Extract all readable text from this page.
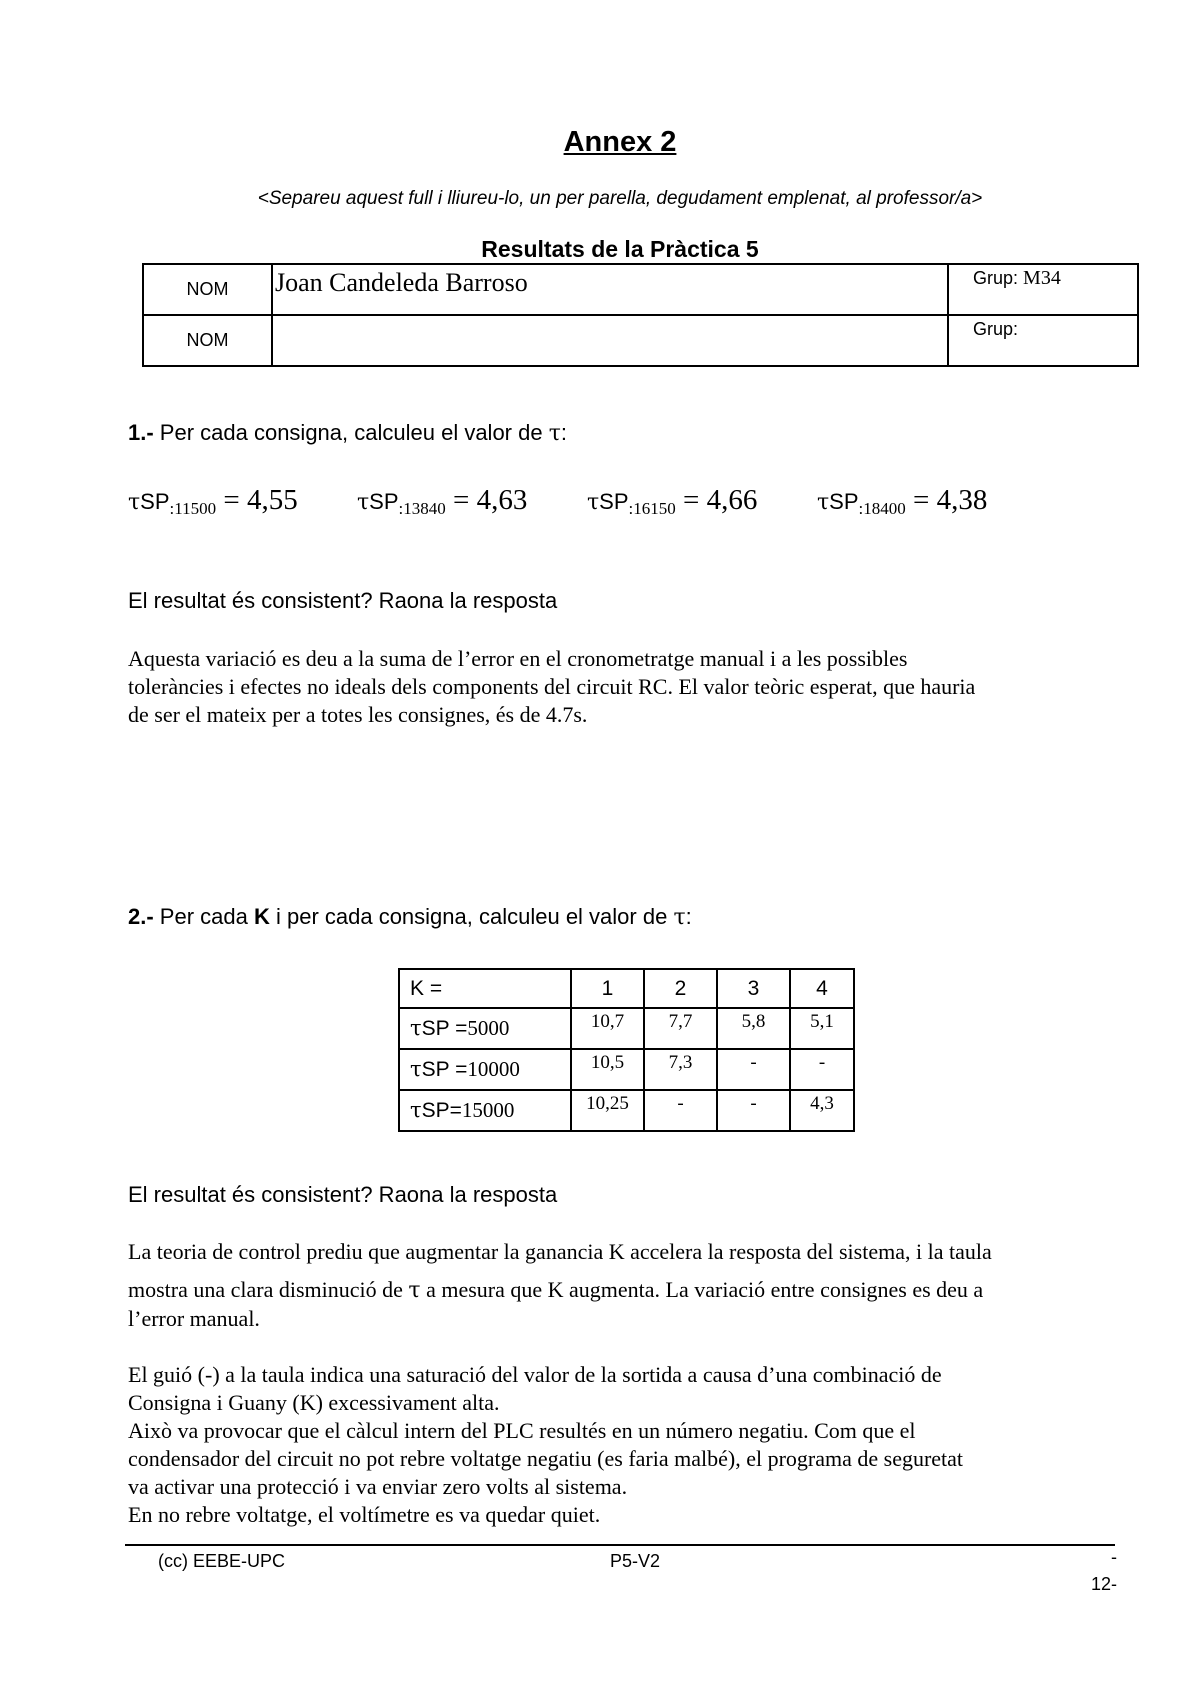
Annex 2
<Separeu aquest full i lliureu-lo, un per parella, degudament emplenat, al professor/a>
Resultats de la Pràctica 5
NOM	Joan Candeleda Barroso	Grup: M34
NOM		Grup:
1.- Per cada consigna, calculeu el valor de τ:
τSP$_{:11500}$ = 4,55	τSP$_{:13840}$ = 4,63	τSP$_{:16150}$ = 4,66	τSP$_{:18400}$ = 4,38
El resultat és consistent? Raona la resposta
Aquesta variació es deu a la suma de l’error en el cronometratge manual i a les possibles
toleràncies i efectes no ideals dels components del circuit RC. El valor teòric esperat, que hauria
de ser el mateix per a totes les consignes, és de 4.7s.
2.- Per cada K i per cada consigna, calculeu el valor de τ:
K =	1	2	3	4
τSP =5000	10,7	7,7	5,8	5,1
τSP =10000	10,5	7,3	-	-
τSP=15000	10,25	-	-	4,3
El resultat és consistent? Raona la resposta
La teoria de control prediu que augmentar la ganancia K accelera la resposta del sistema, i la taula
mostra una clara disminució de τ a mesura que K augmenta. La variació entre consignes es deu a
l’error manual.
El guió (-) a la taula indica una saturació del valor de la sortida a causa d’una combinació de
Consigna i Guany (K) excessivament alta.
Això va provocar que el càlcul intern del PLC resultés en un número negatiu. Com que el
condensador del circuit no pot rebre voltatge negatiu (es faria malbé), el programa de seguretat
va activar una protecció i va enviar zero volts al sistema.
En no rebre voltatge, el voltímetre es va quedar quiet.
(cc) EEBE-UPC	P5-V2	-
12-
